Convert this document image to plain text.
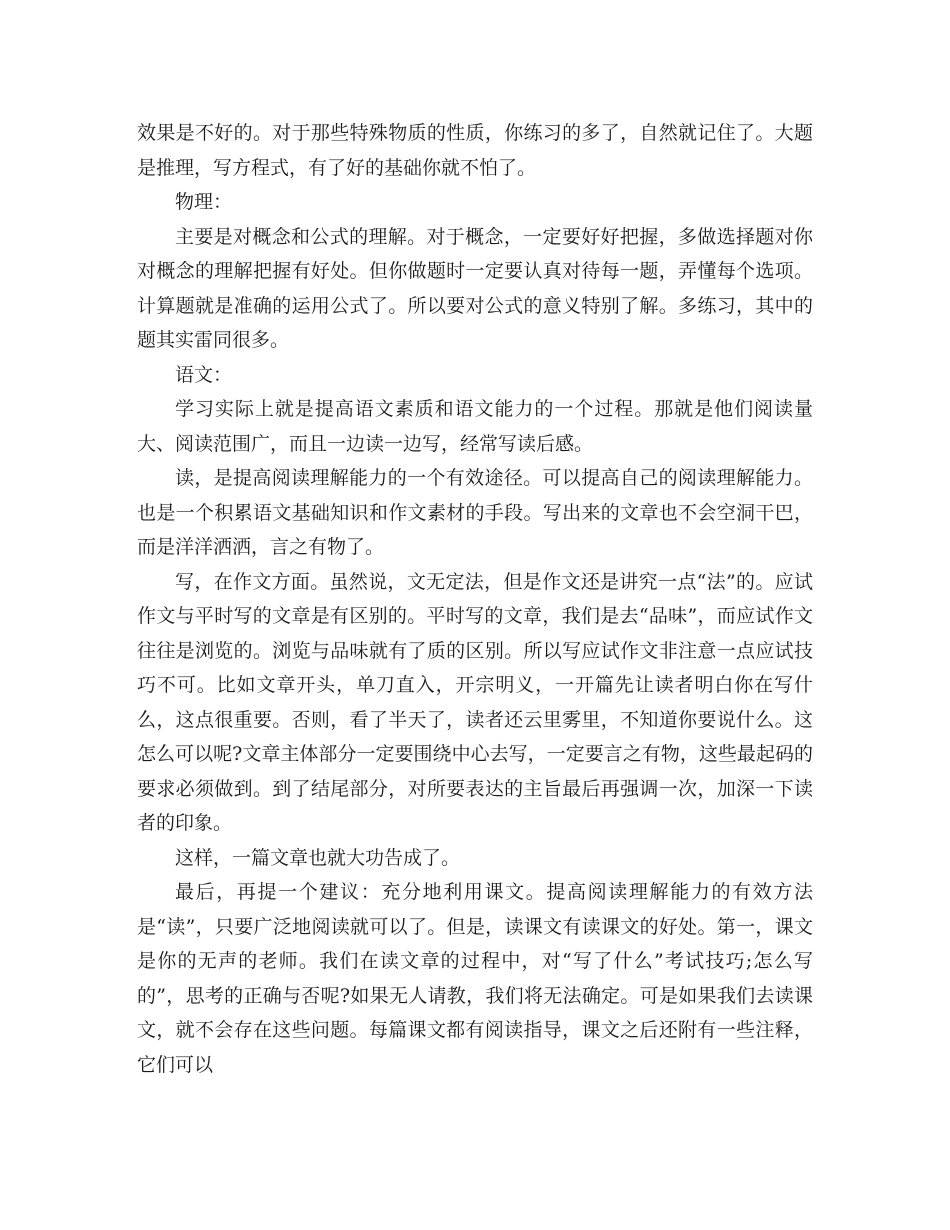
效果是不好的。对于那些特殊物质的性质，你练习的多了，自然就记住了。大题是推理，写方程式，有了好的基础你就不怕了。

物理：

主要是对概念和公式的理解。对于概念，一定要好好把握，多做选择题对你对概念的理解把握有好处。但你做题时一定要认真对待每一题，弄懂每个选项。计算题就是准确的运用公式了。所以要对公式的意义特别了解。多练习，其中的题其实雷同很多。

语文：

学习实际上就是提高语文素质和语文能力的一个过程。那就是他们阅读量大、阅读范围广，而且一边读一边写，经常写读后感。

读，是提高阅读理解能力的一个有效途径。可以提高自己的阅读理解能力。也是一个积累语文基础知识和作文素材的手段。写出来的文章也不会空洞干巴，而是洋洋洒洒，言之有物了。

写，在作文方面。虽然说，文无定法，但是作文还是讲究一点“法”的。应试作文与平时写的文章是有区别的。平时写的文章，我们是去“品味”，而应试作文往往是浏览的。浏览与品味就有了质的区别。所以写应试作文非注意一点应试技巧不可。比如文章开头，单刀直入，开宗明义，一开篇先让读者明白你在写什么，这点很重要。否则，看了半天了，读者还云里雾里，不知道你要说什么。这怎么可以呢?文章主体部分一定要围绕中心去写，一定要言之有物，这些最起码的要求必须做到。到了结尾部分，对所要表达的主旨最后再强调一次，加深一下读者的印象。

这样，一篇文章也就大功告成了。

最后，再提一个建议：充分地利用课文。提高阅读理解能力的有效方法是“读”，只要广泛地阅读就可以了。但是，读课文有读课文的好处。第一，课文是你的无声的老师。我们在读文章的过程中，对“写了什么”考试技巧;怎么写的”，思考的正确与否呢?如果无人请教，我们将无法确定。可是如果我们去读课文，就不会存在这些问题。每篇课文都有阅读指导，课文之后还附有一些注释，它们可以
